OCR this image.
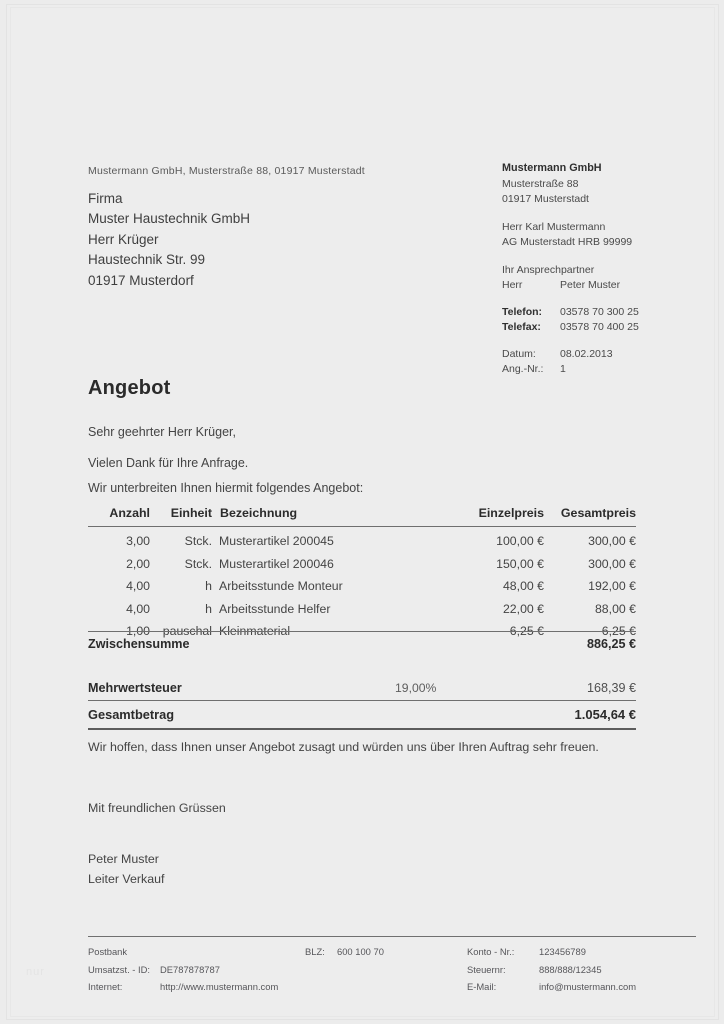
nur
Mustermann GmbH, Musterstraße 88, 01917 Musterstadt
Firma
Muster Haustechnik GmbH
Herr Krüger
Haustechnik Str. 99
01917 Musterdorf
Mustermann GmbH
Musterstraße 88
01917 Musterstadt
Herr Karl Mustermann
AG Musterstadt HRB 99999
Ihr Ansprechpartner
Herr	Peter Muster
Telefon:	03578 70 300 25
Telefax:	03578 70 400 25
Datum:	08.02.2013
Ang.-Nr.:	1
Angebot
Sehr geehrter Herr Krüger,
Vielen Dank für Ihre Anfrage.
Wir unterbreiten Ihnen hiermit folgendes Angebot:
Anzahl	Einheit	Bezeichnung	Einzelpreis	Gesamtpreis
3,00	Stck.	Musterartikel 200045	100,00 €	300,00 €
2,00	Stck.	Musterartikel 200046	150,00 €	300,00 €
4,00	h	Arbeitsstunde Monteur	48,00 €	192,00 €
4,00	h	Arbeitsstunde Helfer	22,00 €	88,00 €
1,00	pauschal	Kleinmaterial	6,25 €	6,25 €
Zwischensumme		886,25 €

Mehrwertsteuer	19,00%	168,39 €
Gesamtbetrag		1.054,64 €
Wir hoffen, dass Ihnen unser Angebot zusagt und würden uns über Ihren Auftrag sehr freuen.
Mit freundlichen Grüssen
Peter Muster
Leiter Verkauf
Postbank	BLZ:	600 100 70	Konto - Nr.:	123456789
Umsatzst. - ID:	DE787878787	Steuernr:	888/888/12345
Internet:	http://www.mustermann.com	E-Mail:	info@mustermann.com
